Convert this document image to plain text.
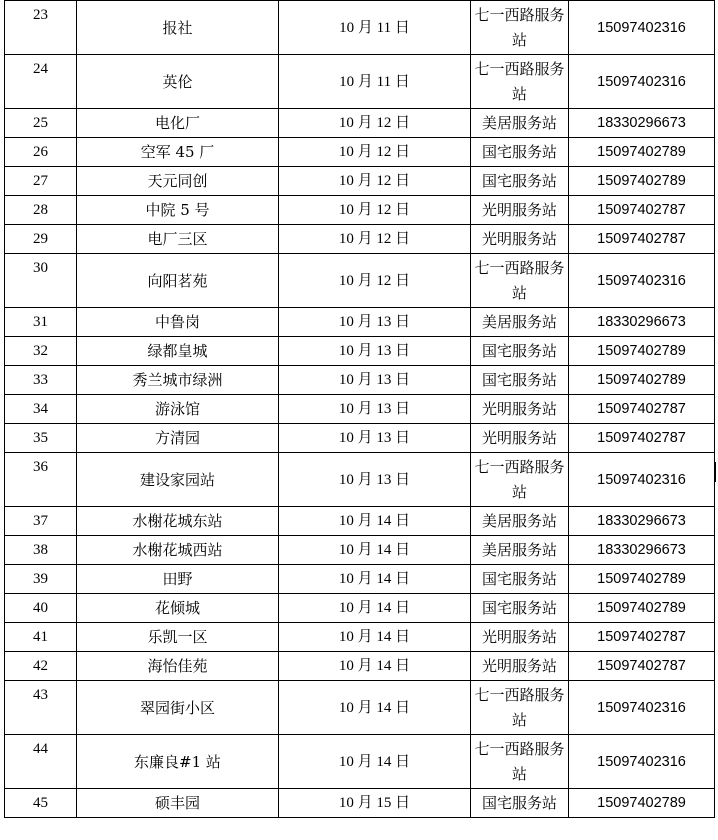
23	报社	10 月 11 日	七一西路服务站	15097402316
24	英伦	10 月 11 日	七一西路服务站	15097402316
25	电化厂	10 月 12 日	美居服务站	18330296673
26	空军 45 厂	10 月 12 日	国宅服务站	15097402789
27	天元同创	10 月 12 日	国宅服务站	15097402789
28	中院 5 号	10 月 12 日	光明服务站	15097402787
29	电厂三区	10 月 12 日	光明服务站	15097402787
30	向阳茗苑	10 月 12 日	七一西路服务站	15097402316
31	中鲁岗	10 月 13 日	美居服务站	18330296673
32	绿都皇城	10 月 13 日	国宅服务站	15097402789
33	秀兰城市绿洲	10 月 13 日	国宅服务站	15097402789
34	游泳馆	10 月 13 日	光明服务站	15097402787
35	方清园	10 月 13 日	光明服务站	15097402787
36	建设家园站	10 月 13 日	七一西路服务站	15097402316
37	水榭花城东站	10 月 14 日	美居服务站	18330296673
38	水榭花城西站	10 月 14 日	美居服务站	18330296673
39	田野	10 月 14 日	国宅服务站	15097402789
40	花倾城	10 月 14 日	国宅服务站	15097402789
41	乐凯一区	10 月 14 日	光明服务站	15097402787
42	海怡佳苑	10 月 14 日	光明服务站	15097402787
43	翠园街小区	10 月 14 日	七一西路服务站	15097402316
44	东廉良#1 站	10 月 14 日	七一西路服务站	15097402316
45	硕丰园	10 月 15 日	国宅服务站	15097402789
